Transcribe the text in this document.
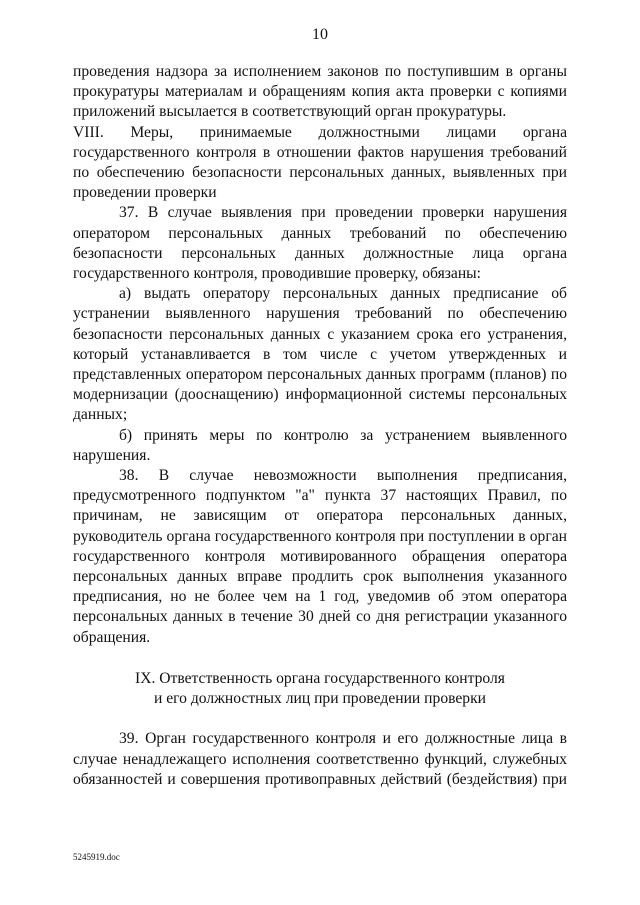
10

проведения надзора за исполнением законов по поступившим в органы прокуратуры материалам и обращениям копия акта проверки с копиями приложений высылается в соответствующий орган прокуратуры.

VIII. Меры, принимаемые должностными лицами органа государственного контроля в отношении фактов нарушения требований по обеспечению безопасности персональных данных, выявленных при проведении проверки

37. В случае выявления при проведении проверки нарушения оператором персональных данных требований по обеспечению безопасности персональных данных должностные лица органа государственного контроля, проводившие проверку, обязаны:

а) выдать оператору персональных данных предписание об устранении выявленного нарушения требований по обеспечению безопасности персональных данных с указанием срока его устранения, который устанавливается в том числе с учетом утвержденных и представленных оператором персональных данных программ (планов) по модернизации (дооснащению) информационной системы персональных данных;

б) принять меры по контролю за устранением выявленного нарушения.

38. В случае невозможности выполнения предписания, предусмотренного подпунктом "а" пункта 37 настоящих Правил, по причинам, не зависящим от оператора персональных данных, руководитель органа государственного контроля при поступлении в орган государственного контроля мотивированного обращения оператора персональных данных вправе продлить срок выполнения указанного предписания, но не более чем на 1 год, уведомив об этом оператора персональных данных в течение 30 дней со дня регистрации указанного обращения.

IX. Ответственность органа государственного контроля
и его должностных лиц при проведении проверки

39. Орган государственного контроля и его должностные лица в случае ненадлежащего исполнения соответственно функций, служебных обязанностей и совершения противоправных действий (бездействия) при

5245919.doc
